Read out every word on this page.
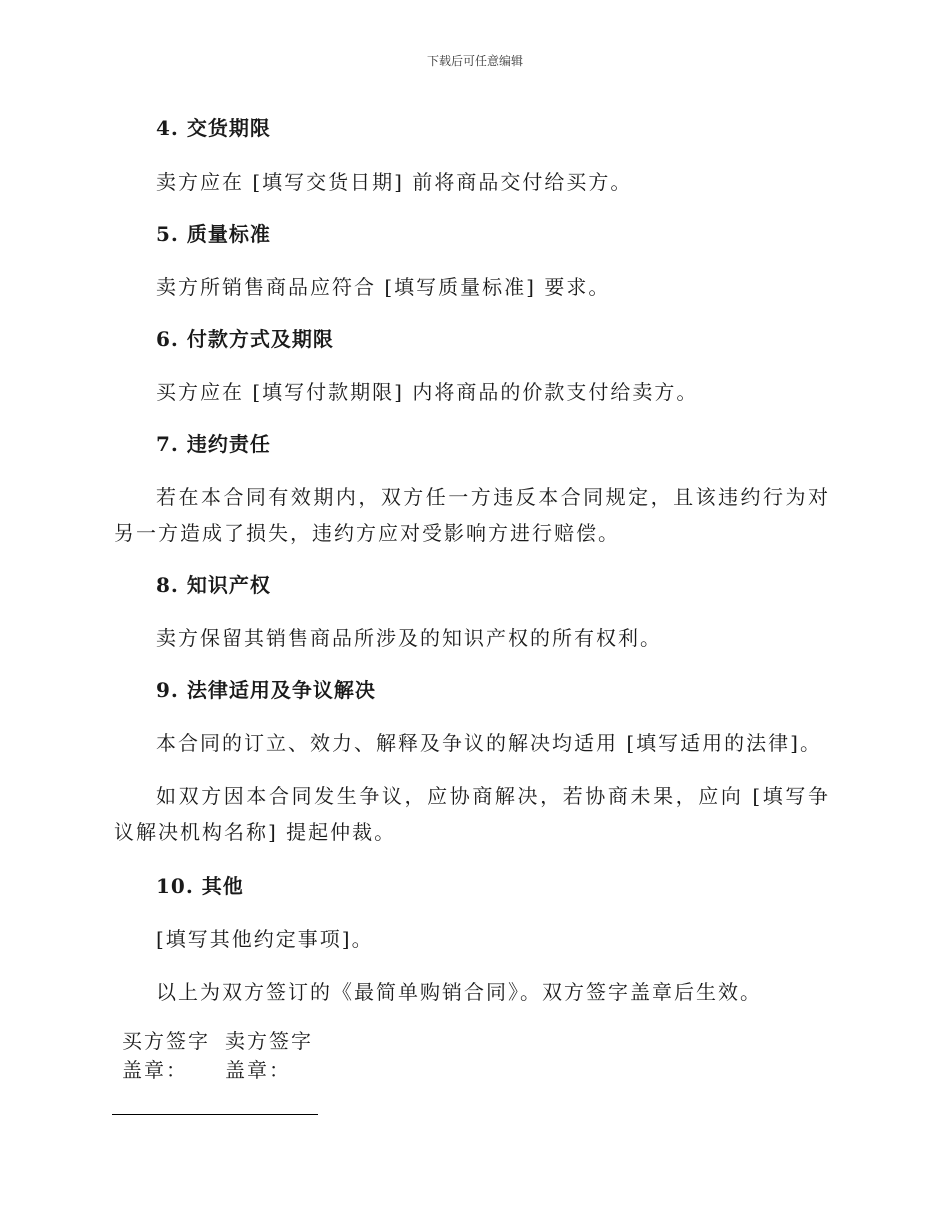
下载后可任意编辑
4. 交货期限

卖方应在 [填写交货日期] 前将商品交付给买方。

5. 质量标准

卖方所销售商品应符合 [填写质量标准] 要求。

6. 付款方式及期限

买方应在 [填写付款期限] 内将商品的价款支付给卖方。

7. 违约责任

若在本合同有效期内，双方任一方违反本合同规定，且该违约行为对另一方造成了损失，违约方应对受影响方进行赔偿。

8. 知识产权

卖方保留其销售商品所涉及的知识产权的所有权利。

9. 法律适用及争议解决

本合同的订立、效力、解释及争议的解决均适用 [填写适用的法律]。

如双方因本合同发生争议，应协商解决，若协商未果，应向 [填写争议解决机构名称] 提起仲裁。

10. 其他

[填写其他约定事项]。

以上为双方签订的《最简单购销合同》。双方签字盖章后生效。

买方签字盖章：
卖方签字盖章：
